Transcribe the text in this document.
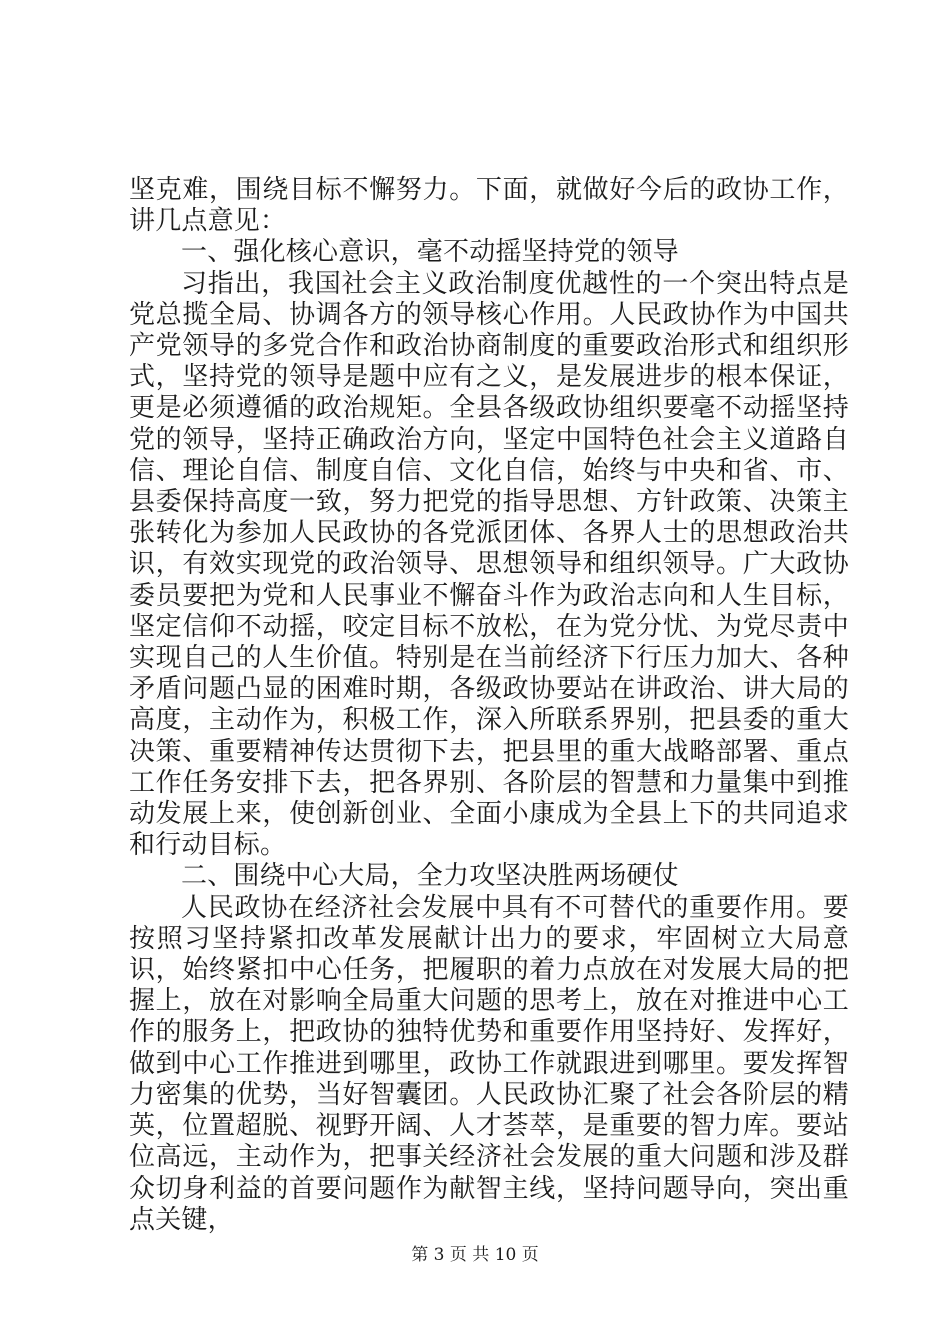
坚克难，围绕目标不懈努力。下面，就做好今后的政协工作，讲几点意见：

一、强化核心意识，毫不动摇坚持党的领导

习指出，我国社会主义政治制度优越性的一个突出特点是党总揽全局、协调各方的领导核心作用。人民政协作为中国共产党领导的多党合作和政治协商制度的重要政治形式和组织形式，坚持党的领导是题中应有之义，是发展进步的根本保证，更是必须遵循的政治规矩。全县各级政协组织要毫不动摇坚持党的领导，坚持正确政治方向，坚定中国特色社会主义道路自信、理论自信、制度自信、文化自信，始终与中央和省、市、县委保持高度一致，努力把党的指导思想、方针政策、决策主张转化为参加人民政协的各党派团体、各界人士的思想政治共识，有效实现党的政治领导、思想领导和组织领导。广大政协委员要把为党和人民事业不懈奋斗作为政治志向和人生目标，坚定信仰不动摇，咬定目标不放松，在为党分忧、为党尽责中实现自己的人生价值。特别是在当前经济下行压力加大、各种矛盾问题凸显的困难时期，各级政协要站在讲政治、讲大局的高度，主动作为，积极工作，深入所联系界别，把县委的重大决策、重要精神传达贯彻下去，把县里的重大战略部署、重点工作任务安排下去，把各界别、各阶层的智慧和力量集中到推动发展上来，使创新创业、全面小康成为全县上下的共同追求和行动目标。

二、围绕中心大局，全力攻坚决胜两场硬仗

人民政协在经济社会发展中具有不可替代的重要作用。要按照习坚持紧扣改革发展献计出力的要求，牢固树立大局意识，始终紧扣中心任务，把履职的着力点放在对发展大局的把握上，放在对影响全局重大问题的思考上，放在对推进中心工作的服务上，把政协的独特优势和重要作用坚持好、发挥好，做到中心工作推进到哪里，政协工作就跟进到哪里。要发挥智力密集的优势，当好智囊团。人民政协汇聚了社会各阶层的精英，位置超脱、视野开阔、人才荟萃，是重要的智力库。要站位高远，主动作为，把事关经济社会发展的重大问题和涉及群众切身利益的首要问题作为献智主线，坚持问题导向，突出重点关键，

第 3 页 共 10 页
